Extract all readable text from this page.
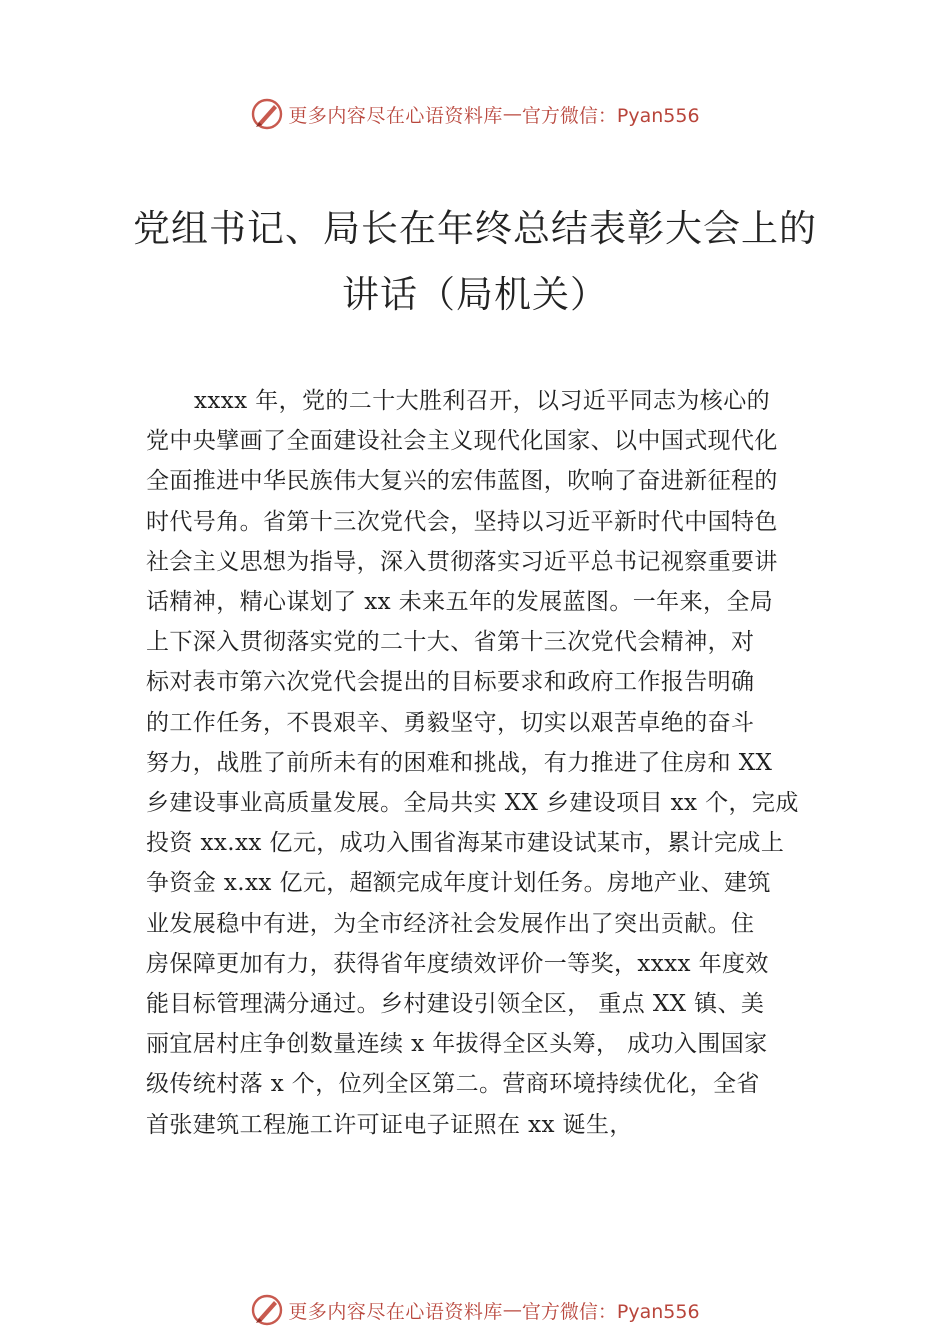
更多内容尽在心语资料库 — 官方微信：Pyan556
党组书记、局长在年终总结表彰大会上的
讲话（局机关）
xxxx 年，党的二十大胜利召开，以习近平同志为核心的
党中央擘画了全面建设社会主义现代化国家、以中国式现代化
全面推进中华民族伟大复兴的宏伟蓝图，吹响了奋进新征程的
时代号角。省第十三次党代会，坚持以习近平新时代中国特色
社会主义思想为指导，深入贯彻落实习近平总书记视察重要讲
话精神，精心谋划了 xx 未来五年的发展蓝图。一年来，全局
上下深入贯彻落实党的二十大、省第十三次党代会精神，对
标对表市第六次党代会提出的目标要求和政府工作报告明确
的工作任务，不畏艰辛、勇毅坚守，切实以艰苦卓绝的奋斗
努力，战胜了前所未有的困难和挑战，有力推进了住房和 XX
乡建设事业高质量发展。全局共实 XX 乡建设项目 xx 个，完成
投资 xx.xx 亿元，成功入围省海某市建设试某市，累计完成上
争资金 x.xx 亿元，超额完成年度计划任务。房地产业、建筑
业发展稳中有进，为全市经济社会发展作出了突出贡献。住
房保障更加有力，获得省年度绩效评价一等奖，xxxx 年度效
能目标管理满分通过。乡村建设引领全区， 重点 XX 镇、美
丽宜居村庄争创数量连续 x 年拔得全区头筹， 成功入围国家
级传统村落 x 个，位列全区第二。营商环境持续优化，全省
首张建筑工程施工许可证电子证照在 xx 诞生，
更多内容尽在心语资料库 — 官方微信：Pyan556
